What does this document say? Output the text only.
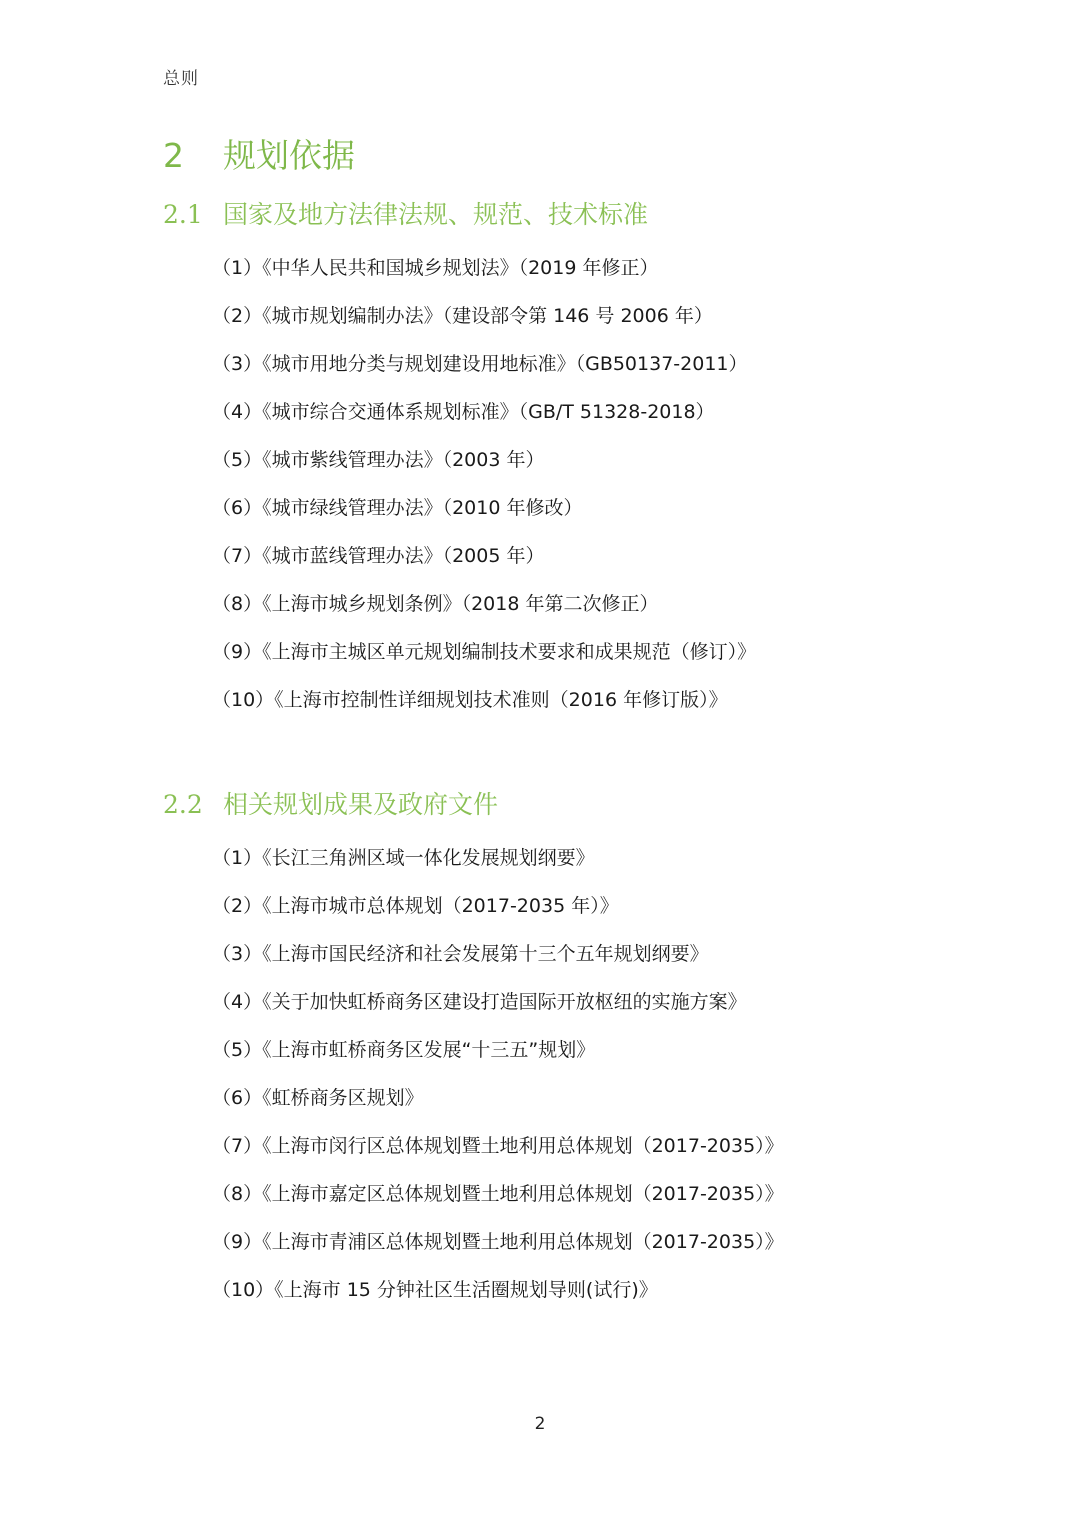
总则
2 规划依据
2.1 国家及地方法律法规、规范、技术标准
（1）《中华人民共和国城乡规划法》（2019 年修正）
（2）《城市规划编制办法》（建设部令第 146 号 2006 年）
（3）《城市用地分类与规划建设用地标准》（GB50137-2011）
（4）《城市综合交通体系规划标准》（GB/T 51328-2018）
（5）《城市紫线管理办法》（2003 年）
（6）《城市绿线管理办法》（2010 年修改）
（7）《城市蓝线管理办法》（2005 年）
（8）《上海市城乡规划条例》（2018 年第二次修正）
（9）《上海市主城区单元规划编制技术要求和成果规范（修订）》
（10）《上海市控制性详细规划技术准则（2016 年修订版）》
2.2 相关规划成果及政府文件
（1）《长江三角洲区域一体化发展规划纲要》
（2）《上海市城市总体规划（2017-2035 年）》
（3）《上海市国民经济和社会发展第十三个五年规划纲要》
（4）《关于加快虹桥商务区建设打造国际开放枢纽的实施方案》
（5）《上海市虹桥商务区发展“十三五”规划》
（6）《虹桥商务区规划》
（7）《上海市闵行区总体规划暨土地利用总体规划（2017-2035）》
（8）《上海市嘉定区总体规划暨土地利用总体规划（2017-2035）》
（9）《上海市青浦区总体规划暨土地利用总体规划（2017-2035）》
（10）《上海市 15 分钟社区生活圈规划导则(试行)》
2
